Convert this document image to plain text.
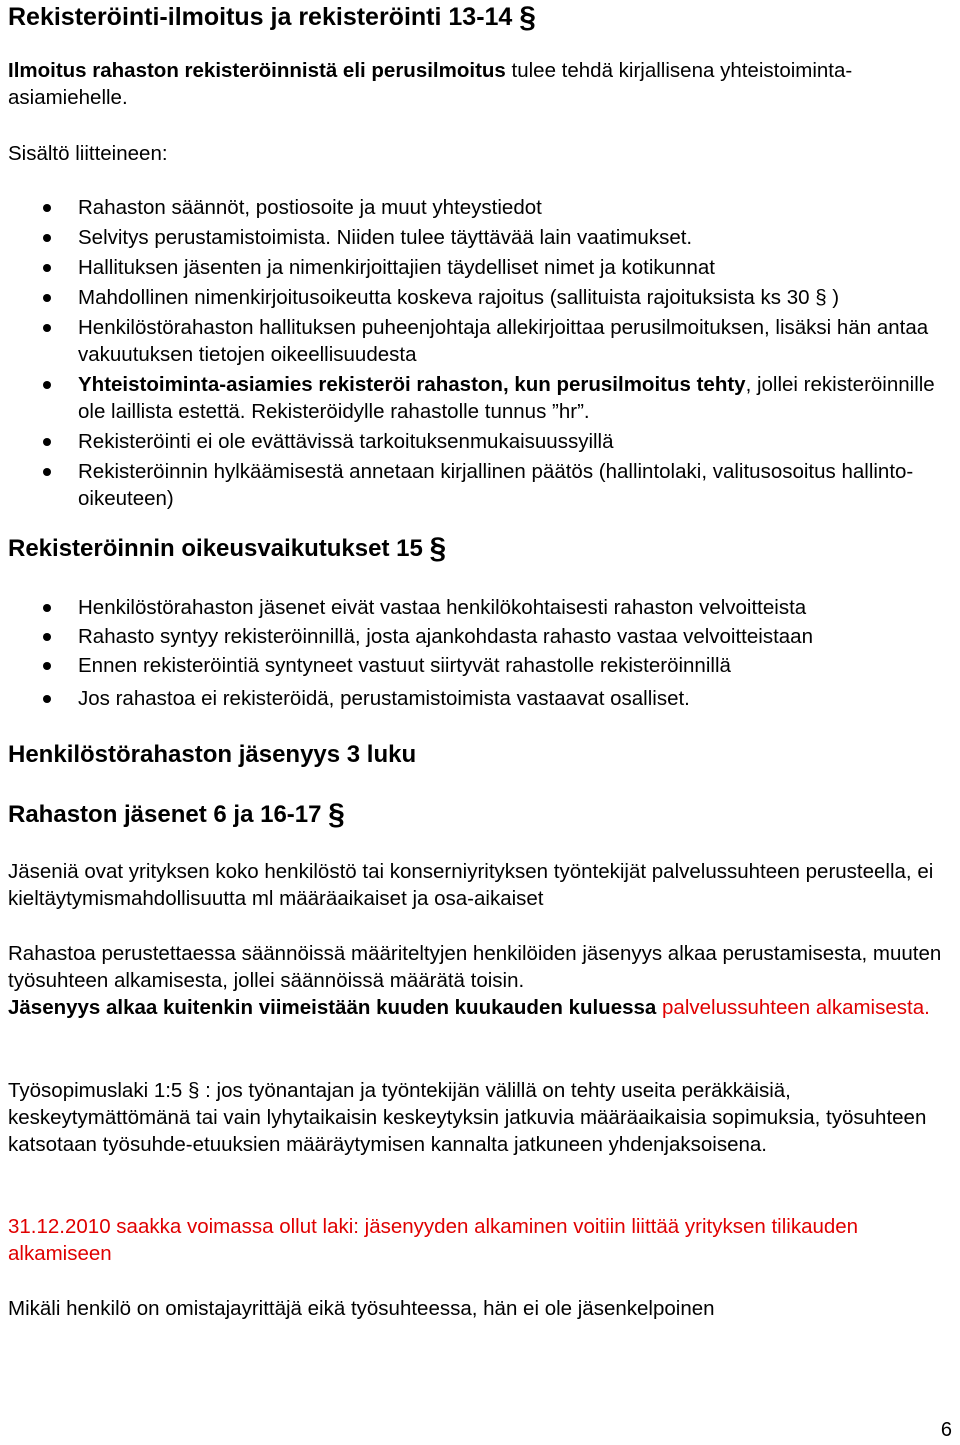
Rekisteröinti-ilmoitus ja rekisteröinti 13-14 §

Ilmoitus rahaston rekisteröinnistä eli perusilmoitus tulee tehdä kirjallisena yhteistoiminta-asiamiehelle.

Sisältö liitteineen:

Rahaston säännöt, postiosoite ja muut yhteystiedot
Selvitys perustamistoimista. Niiden tulee täyttävää lain vaatimukset.
Hallituksen jäsenten ja nimenkirjoittajien täydelliset nimet ja kotikunnat
Mahdollinen nimenkirjoitusoikeutta koskeva rajoitus (sallituista rajoituksista ks 30 § )
Henkilöstörahaston hallituksen puheenjohtaja allekirjoittaa perusilmoituksen, lisäksi hän antaa vakuutuksen tietojen oikeellisuudesta
Yhteistoiminta-asiamies rekisteröi rahaston, kun perusilmoitus tehty, jollei rekisteröinnille ole laillista estettä. Rekisteröidylle rahastolle tunnus ”hr”.
Rekisteröinti ei ole evättävissä tarkoituksenmukaisuussyillä
Rekisteröinnin hylkäämisestä annetaan kirjallinen päätös (hallintolaki, valitusosoitus hallinto-oikeuteen)
Rekisteröinnin oikeusvaikutukset 15 §
Henkilöstörahaston jäsenet eivät vastaa henkilökohtaisesti rahaston velvoitteista
Rahasto syntyy rekisteröinnillä, josta ajankohdasta rahasto vastaa velvoitteistaan
Ennen rekisteröintiä syntyneet vastuut siirtyvät rahastolle rekisteröinnillä
Jos rahastoa ei rekisteröidä, perustamistoimista vastaavat osalliset.
Henkilöstörahaston jäsenyys 3 luku
Rahaston jäsenet 6 ja 16-17 §

Jäseniä ovat yrityksen koko henkilöstö tai konserniyrityksen työntekijät palvelussuhteen perusteella, ei kieltäytymismahdollisuutta ml määräaikaiset ja osa-aikaiset

Rahastoa perustettaessa säännöissä määriteltyjen henkilöiden jäsenyys alkaa perustamisesta, muuten työsuhteen alkamisesta, jollei säännöissä määrätä toisin.
Jäsenyys alkaa kuitenkin viimeistään kuuden kuukauden kuluessa palvelussuhteen alkamisesta.

Työsopimuslaki 1:5 § : jos työnantajan ja työntekijän välillä on tehty useita peräkkäisiä, keskeytymättömänä tai vain lyhytaikaisin keskeytyksin jatkuvia määräaikaisia sopimuksia, työsuhteen katsotaan työsuhde-etuuksien määräytymisen kannalta jatkuneen yhdenjaksoisena.

31.12.2010 saakka voimassa ollut laki: jäsenyyden alkaminen voitiin liittää yrityksen tilikauden alkamiseen

Mikäli henkilö on omistajayrittäjä eikä työsuhteessa, hän ei ole jäsenkelpoinen

6
